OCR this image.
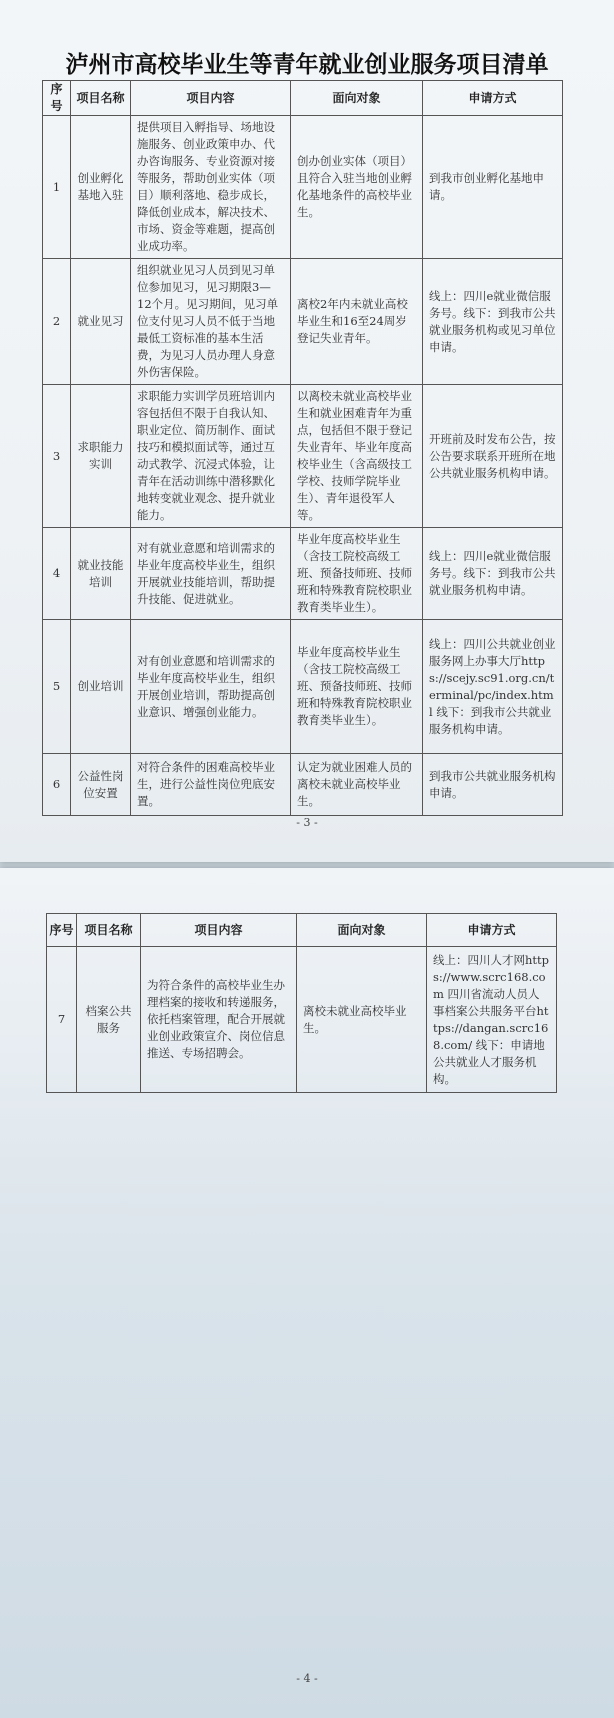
泸州市高校毕业生等青年就业创业服务项目清单
序号	项目名称	项目内容	面向对象	申请方式
1	创业孵化基地入驻	提供项目入孵指导、场地设施服务、创业政策申办、代办咨询服务、专业资源对接等服务，帮助创业实体（项目）顺利落地、稳步成长，降低创业成本，解决技术、市场、资金等难题，提高创业成功率。	创办创业实体（项目）且符合入驻当地创业孵化基地条件的高校毕业生。	到我市创业孵化基地申请。
2	就业见习	组织就业见习人员到见习单位参加见习，见习期限3—12个月。见习期间，见习单位支付见习人员不低于当地最低工资标准的基本生活费，为见习人员办理人身意外伤害保险。	离校2年内未就业高校毕业生和16至24周岁登记失业青年。	线上：四川e就业微信服务号。线下：到我市公共就业服务机构或见习单位申请。
3	求职能力实训	求职能力实训学员班培训内容包括但不限于自我认知、职业定位、简历制作、面试技巧和模拟面试等，通过互动式教学、沉浸式体验，让青年在活动训练中潜移默化地转变就业观念、提升就业能力。	以离校未就业高校毕业生和就业困难青年为重点，包括但不限于登记失业青年、毕业年度高校毕业生（含高级技工学校、技师学院毕业生）、青年退役军人等。	开班前及时发布公告，按公告要求联系开班所在地公共就业服务机构申请。
4	就业技能培训	对有就业意愿和培训需求的毕业年度高校毕业生，组织开展就业技能培训，帮助提升技能、促进就业。	毕业年度高校毕业生（含技工院校高级工班、预备技师班、技师班和特殊教育院校职业教育类毕业生）。	线上：四川e就业微信服务号。线下：到我市公共就业服务机构申请。
5	创业培训	对有创业意愿和培训需求的毕业年度高校毕业生，组织开展创业培训，帮助提高创业意识、增强创业能力。	毕业年度高校毕业生（含技工院校高级工班、预备技师班、技师班和特殊教育院校职业教育类毕业生）。	线上：四川公共就业创业服务网上办事大厅https://scejy.sc91.org.cn/terminal/pc/index.html 线下：到我市公共就业服务机构申请。
6	公益性岗位安置	对符合条件的困难高校毕业生，进行公益性岗位兜底安置。	认定为就业困难人员的离校未就业高校毕业生。	到我市公共就业服务机构申请。
- 3 -
序号	项目名称	项目内容	面向对象	申请方式
7	档案公共服务	为符合条件的高校毕业生办理档案的接收和转递服务，依托档案管理，配合开展就业创业政策宣介、岗位信息推送、专场招聘会。	离校未就业高校毕业生。	线上：四川人才网https://www.scrc168.com 四川省流动人员人事档案公共服务平台https://dangan.scrc168.com/ 线下：申请地公共就业人才服务机构。
- 4 -
